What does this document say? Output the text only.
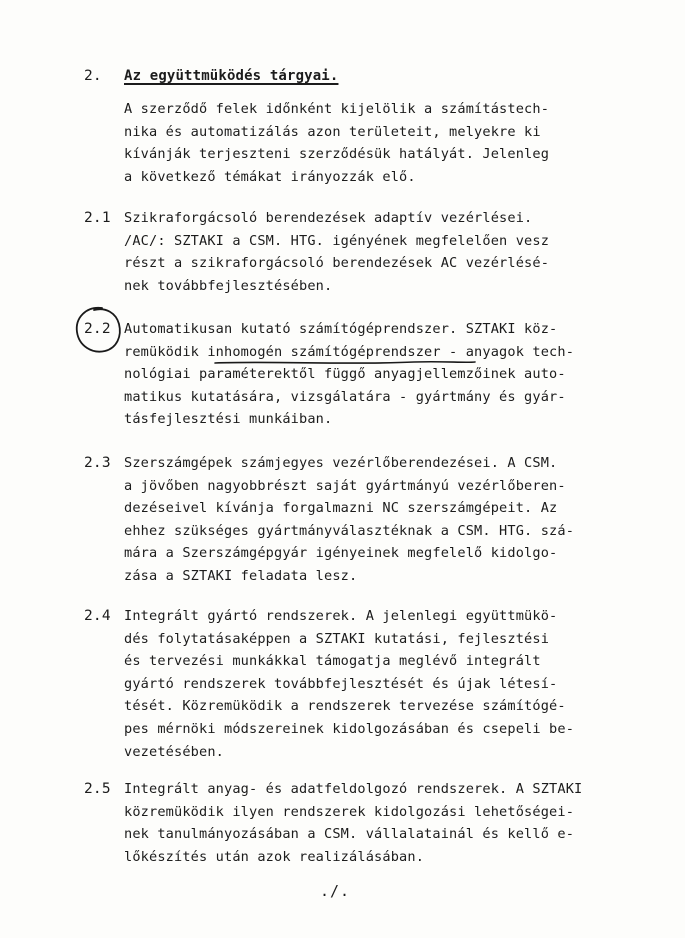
2. Az együttmüködés tárgyai.
A szerződő felek időnként kijelölik a számítástech-
nika és automatizálás azon területeit, melyekre ki
kívánják terjeszteni szerződésük hatályát. Jelenleg
a következő témákat irányozzák elő.
2.1 Szikraforgácsoló berendezések adaptív vezérlései.
/AC/: SZTAKI a CSM. HTG. igényének megfelelően vesz
részt a szikraforgácsoló berendezések AC vezérlésé-
nek továbbfejlesztésében.
2.2 Automatikusan kutató számítógéprendszer. SZTAKI köz-
remüködik inhomogén számítógéprendszer - anyagok tech-
nológiai paraméterektől függő anyagjellemzőinek auto-
matikus kutatására, vizsgálatára - gyártmány és gyár-
tásfejlesztési munkáiban.
2.3 Szerszámgépek számjegyes vezérlőberendezései. A CSM.
a jövőben nagyobbrészt saját gyártmányú vezérlőberen-
dezéseivel kívánja forgalmazni NC szerszámgépeit. Az
ehhez szükséges gyártmányválasztéknak a CSM. HTG. szá-
mára a Szerszámgépgyár igényeinek megfelelő kidolgo-
zása a SZTAKI feladata lesz.
2.4 Integrált gyártó rendszerek. A jelenlegi együttmükö-
dés folytatásaképpen a SZTAKI kutatási, fejlesztési
és tervezési munkákkal támogatja meglévő integrált
gyártó rendszerek továbbfejlesztését és újak létesí-
tését. Közremüködik a rendszerek tervezése számítógé-
pes mérnöki módszereinek kidolgozásában és csepeli be-
vezetésében.
2.5 Integrált anyag- és adatfeldolgozó rendszerek. A SZTAKI
közremüködik ilyen rendszerek kidolgozási lehetőségei-
nek tanulmányozásában a CSM. vállalatainál és kellő e-
lőkészítés után azok realizálásában.
./.
